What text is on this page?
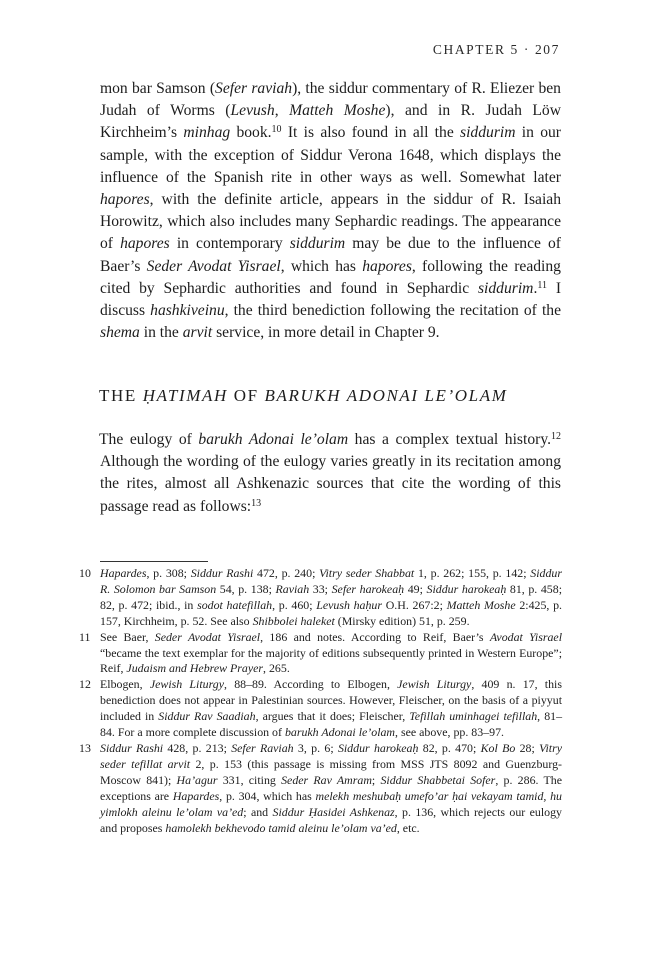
CHAPTER 5 · 207

mon bar Samson (Sefer raviah), the siddur commentary of R. Eliezer ben Judah of Worms (Levush, Matteh Moshe), and in R. Judah Löw Kirchheim’s minhag book.$^{10}$ It is also found in all the siddurim in our sample, with the exception of Siddur Verona 1648, which displays the influence of the Spanish rite in other ways as well. Somewhat later hapores, with the definite article, appears in the siddur of R. Isaiah Horowitz, which also includes many Sephardic readings. The appearance of hapores in contemporary siddurim may be due to the influence of Baer’s Seder Avodat Yisrael, which has hapores, following the reading cited by Sephardic authorities and found in Sephardic siddurim.$^{11}$ I discuss hashkiveinu, the third benediction following the recitation of the shema in the arvit service, in more detail in Chapter 9.

THE ḤATIMAH OF BARUKH ADONAI LE’OLAM

The eulogy of barukh Adonai le’olam has a complex textual history.$^{12}$ Although the wording of the eulogy varies greatly in its recitation among the rites, almost all Ashkenazic sources that cite the wording of this passage read as follows:$^{13}$

10 Hapardes, p. 308; Siddur Rashi 472, p. 240; Vitry seder Shabbat 1, p. 262; 155, p. 142; Siddur R. Solomon bar Samson 54, p. 138; Raviah 33; Sefer harokeaḥ 49; Siddur harokeaḥ 81, p. 458; 82, p. 472; ibid., in sodot hatefillah, p. 460; Levush haḥur O.H. 267:2; Matteh Moshe 2:425, p. 157, Kirchheim, p. 52. See also Shibbolei haleket (Mirsky edition) 51, p. 259.
11 See Baer, Seder Avodat Yisrael, 186 and notes. According to Reif, Baer’s Avodat Yisrael “became the text exemplar for the majority of editions subsequently printed in Western Europe”; Reif, Judaism and Hebrew Prayer, 265.
12 Elbogen, Jewish Liturgy, 88–89. According to Elbogen, Jewish Liturgy, 409 n. 17, this benediction does not appear in Palestinian sources. However, Fleischer, on the basis of a piyyut included in Siddur Rav Saadiah, argues that it does; Fleischer, Tefillah uminhagei tefillah, 81–84. For a more complete discussion of barukh Adonai le’olam, see above, pp. 83–97.
13 Siddur Rashi 428, p. 213; Sefer Raviah 3, p. 6; Siddur harokeaḥ 82, p. 470; Kol Bo 28; Vitry seder tefillat arvit 2, p. 153 (this passage is missing from MSS JTS 8092 and Guenzburg-Moscow 841); Ha’agur 331, citing Seder Rav Amram; Siddur Shabbetai Sofer, p. 286. The exceptions are Hapardes, p. 304, which has melekh meshubaḥ umefo’ar ḥai vekayam tamid, hu yimlokh aleinu le’olam va’ed; and Siddur Ḥasidei Ashkenaz, p. 136, which rejects our eulogy and proposes hamolekh bekhevodo tamid aleinu le’olam va’ed, etc.
